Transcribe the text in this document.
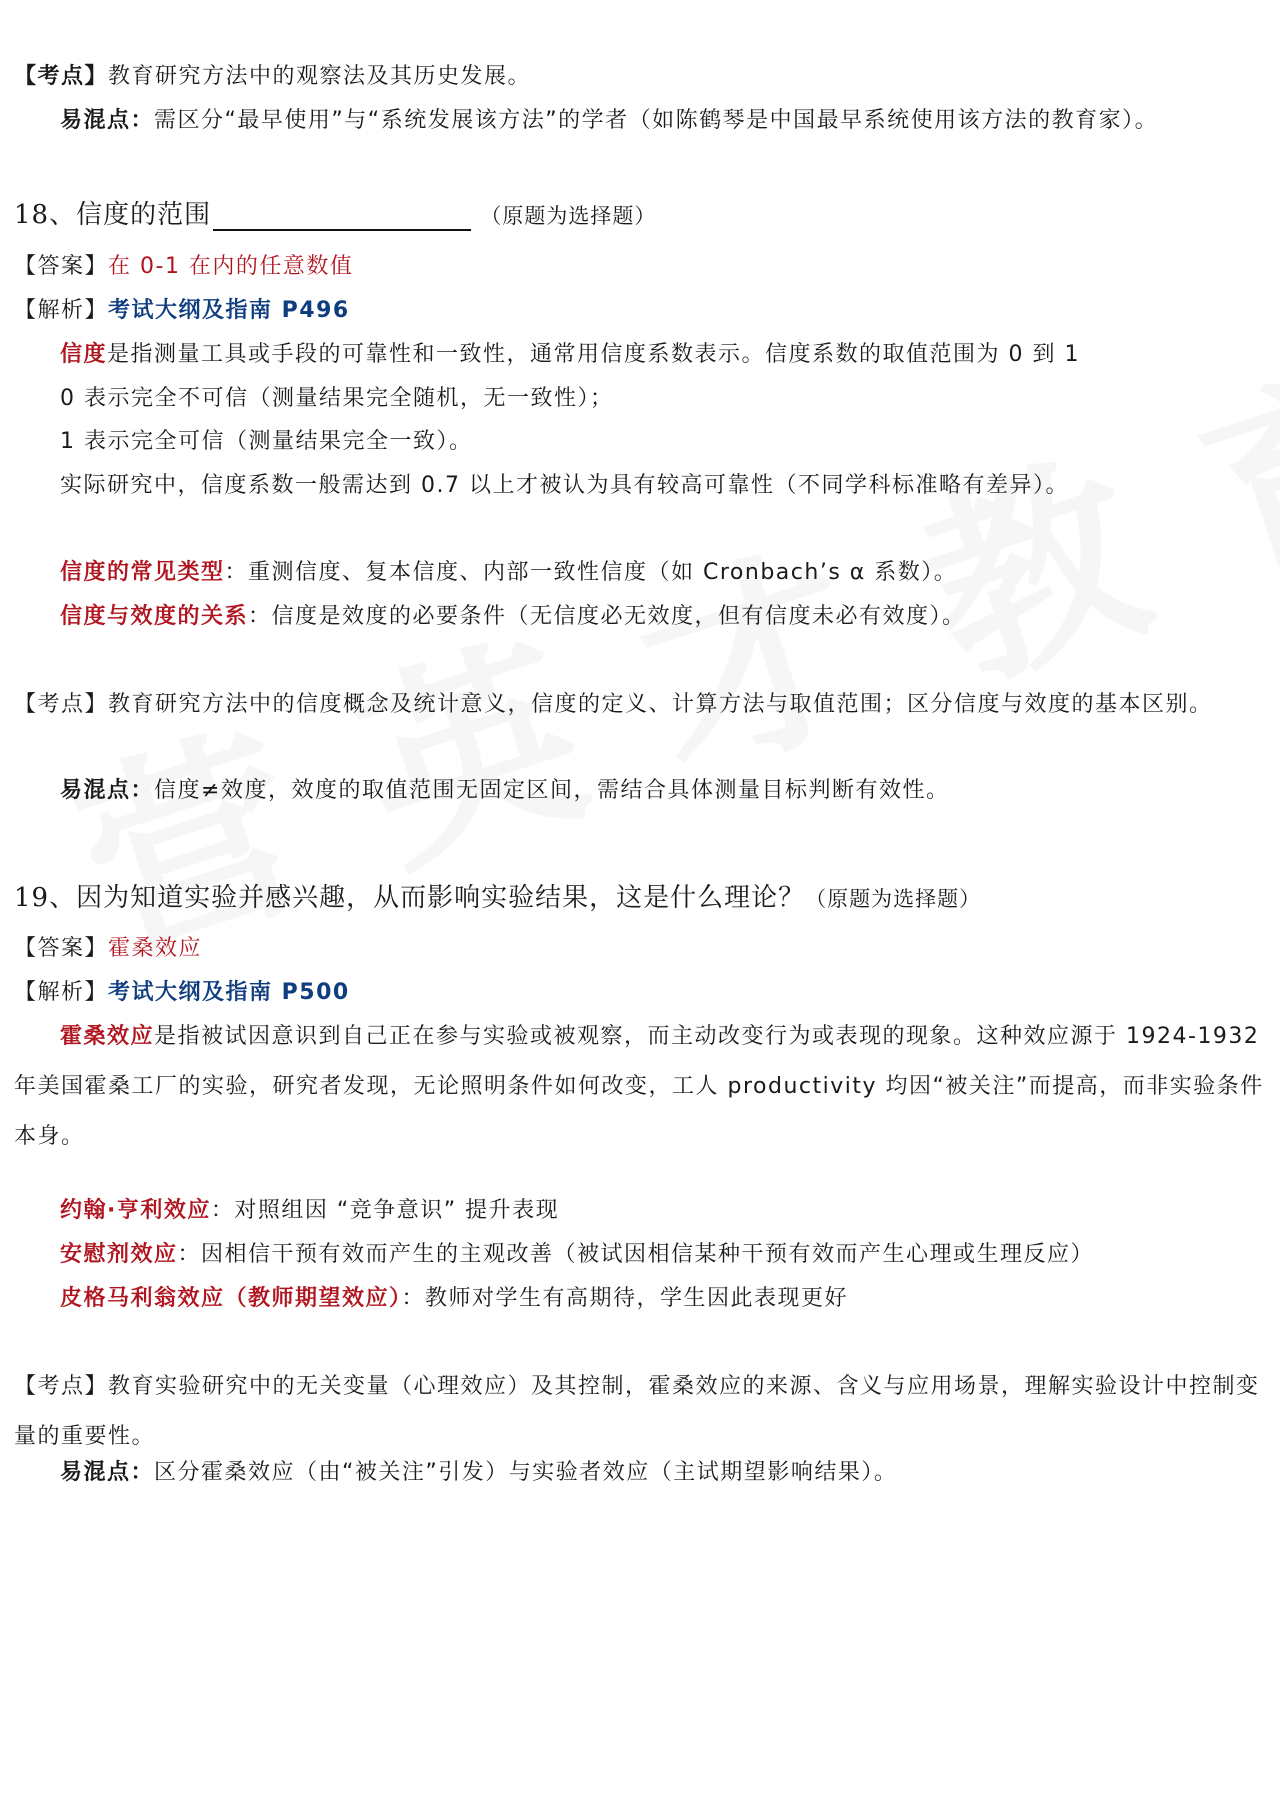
【考点】教育研究方法中的观察法及其历史发展。
易混点：需区分“最早使用”与“系统发展该方法”的学者（如陈鹤琴是中国最早系统使用该方法的教育家）。
18、信度的范围	（原题为选择题）
【答案】在 0-1 在内的任意数值
【解析】考试大纲及指南 P496
信度是指测量工具或手段的可靠性和一致性，通常用信度系数表示。信度系数的取值范围为 0 到 1
0 表示完全不可信（测量结果完全随机，无一致性）；
1 表示完全可信（测量结果完全一致）。
实际研究中，信度系数一般需达到 0.7 以上才被认为具有较高可靠性（不同学科标准略有差异）。
信度的常见类型：重测信度、复本信度、内部一致性信度（如 Cronbach’s α 系数）。
信度与效度的关系：信度是效度的必要条件（无信度必无效度，但有信度未必有效度）。
【考点】教育研究方法中的信度概念及统计意义，信度的定义、计算方法与取值范围；区分信度与效度的基本区别。
易混点：信度≠效度，效度的取值范围无固定区间，需结合具体测量目标判断有效性。
19、因为知道实验并感兴趣，从而影响实验结果，这是什么理论？（原题为选择题）
【答案】霍桑效应
【解析】考试大纲及指南 P500
霍桑效应是指被试因意识到自己正在参与实验或被观察，而主动改变行为或表现的现象。这种效应源于 1924-1932 年美国霍桑工厂的实验，研究者发现，无论照明条件如何改变，工人 productivity 均因“被关注”而提高，而非实验条件本身。
约翰·亨利效应：对照组因 “竞争意识” 提升表现
安慰剂效应：因相信干预有效而产生的主观改善（被试因相信某种干预有效而产生心理或生理反应）
皮格马利翁效应（教师期望效应）：教师对学生有高期待，学生因此表现更好
【考点】教育实验研究中的无关变量（心理效应）及其控制，霍桑效应的来源、含义与应用场景，理解实验设计中控制变量的重要性。
易混点：区分霍桑效应（由“被关注”引发）与实验者效应（主试期望影响结果）。
